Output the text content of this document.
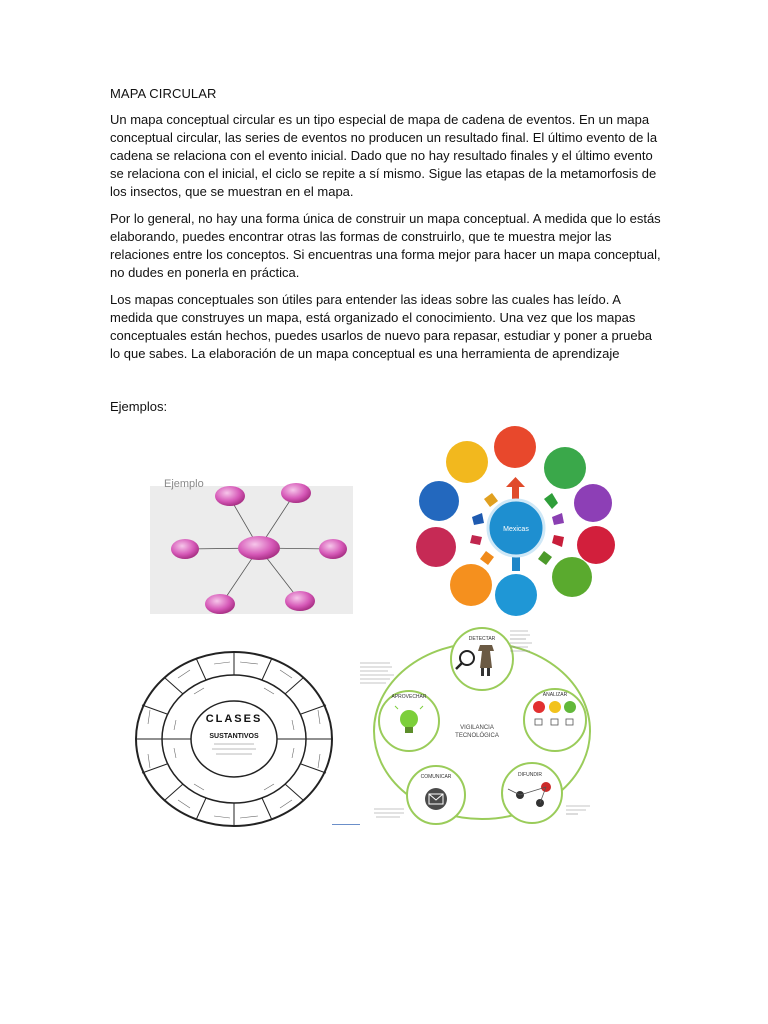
MAPA CIRCULAR
Un mapa conceptual circular es un tipo especial de mapa de cadena de eventos. En un mapa conceptual circular, las series de eventos no producen un resultado final. El último evento de la cadena se relaciona con el evento inicial. Dado que no hay resultado finales y el último evento se relaciona con el inicial, el ciclo se repite a sí mismo. Sigue las etapas de la metamorfosis de los insectos, que se muestran en el mapa.
Por lo general, no hay una forma única de construir un mapa conceptual. A medida que lo estás elaborando, puedes encontrar otras las formas de construirlo, que te muestra mejor las relaciones entre los conceptos. Si encuentras una forma mejor para hacer un mapa conceptual, no dudes en ponerla en práctica.
Los mapas conceptuales son útiles para entender las ideas sobre las cuales has leído. A medida que construyes un mapa, está organizado el conocimiento. Una vez que los mapas conceptuales están hechos, puedes usarlos de nuevo para repasar, estudiar y poner a prueba lo que sabes. La elaboración de un mapa conceptual es una herramienta de aprendizaje
Ejemplos:
Ejemplo
Mexicas
CLASES
SUSTANTIVOS
VIGILANCIA
TECNOLÓGICA
DETECTAR
ANALIZAR
DIFUNDIR
COMUNICAR
APROVECHAR
